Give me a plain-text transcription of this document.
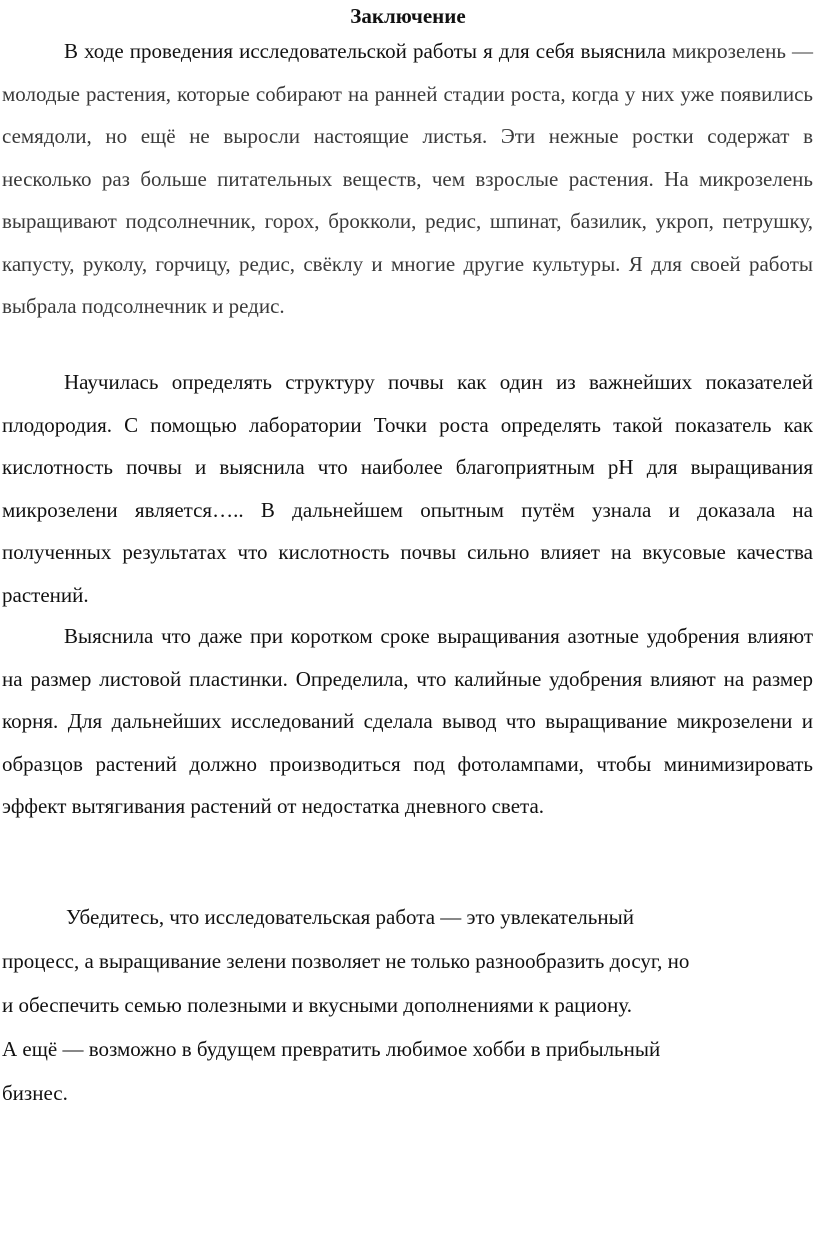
Заключение

В ходе проведения исследовательской работы я для себя выяснила микрозелень — молодые растения, которые собирают на ранней стадии роста, когда у них уже появились семядоли, но ещё не выросли настоящие листья. Эти нежные ростки содержат в несколько раз больше питательных веществ, чем взрослые растения. На микрозелень выращивают подсолнечник, горох, брокколи, редис, шпинат, базилик, укроп, петрушку, капусту, руколу, горчицу, редис, свёклу и многие другие культуры. Я для своей работы выбрала подсолнечник и редис.

Научилась определять структуру почвы как один из важнейших показателей плодородия. С помощью лаборатории Точки роста определять такой показатель как кислотность почвы и выяснила что наиболее благоприятным pH для выращивания микрозелени является….. В дальнейшем опытным путём узнала и доказала на полученных результатах что кислотность почвы сильно влияет на вкусовые качества растений.

Выяснила что даже при коротком сроке выращивания азотные удобрения влияют на размер листовой пластинки. Определила, что калийные удобрения влияют на размер корня. Для дальнейших исследований сделала вывод что выращивание микрозелени и образцов растений должно производиться под фотолампами, чтобы минимизировать эффект вытягивания растений от недостатка дневного света.

Убедитесь, что исследовательская работа — это увлекательный
процесс, а выращивание зелени позволяет не только разнообразить досуг, но
и обеспечить семью полезными и вкусными дополнениями к рациону.
А ещё — возможно в будущем превратить любимое хобби в прибыльный
бизнес.
